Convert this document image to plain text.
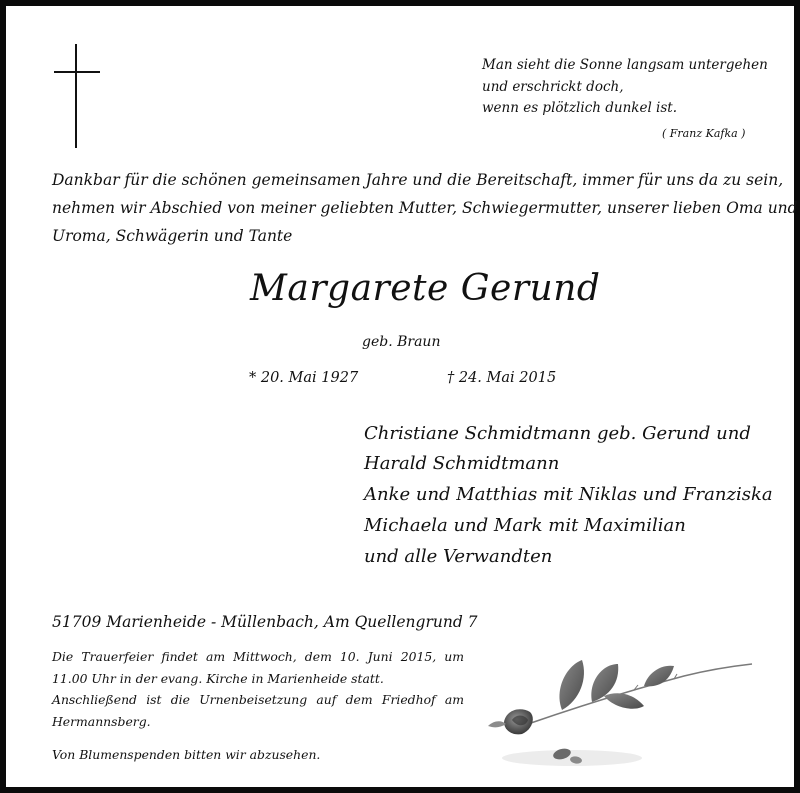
Man sieht die Sonne langsam untergehen
und erschrickt doch,
wenn es plötzlich dunkel ist.
( Franz Kafka )
Dankbar für die schönen gemeinsamen Jahre und die Bereitschaft, immer für uns da zu sein,
nehmen wir Abschied von meiner geliebten Mutter, Schwiegermutter, unserer lieben Oma und
Uroma, Schwägerin und Tante
Margarete Gerund
geb. Braun
* 20. Mai 1927	† 24. Mai 2015
Christiane Schmidtmann geb. Gerund und
Harald Schmidtmann
Anke und Matthias mit Niklas und Franziska
Michaela und Mark mit Maximilian
und alle Verwandten
51709 Marienheide - Müllenbach, Am Quellengrund 7
Die Trauerfeier findet am Mittwoch, dem 10. Juni 2015, um
11.00 Uhr in der evang. Kirche in Marienheide statt.
Anschließend ist die Urnenbeisetzung auf dem Friedhof am
Hermannsberg.
Von Blumenspenden bitten wir abzusehen.
